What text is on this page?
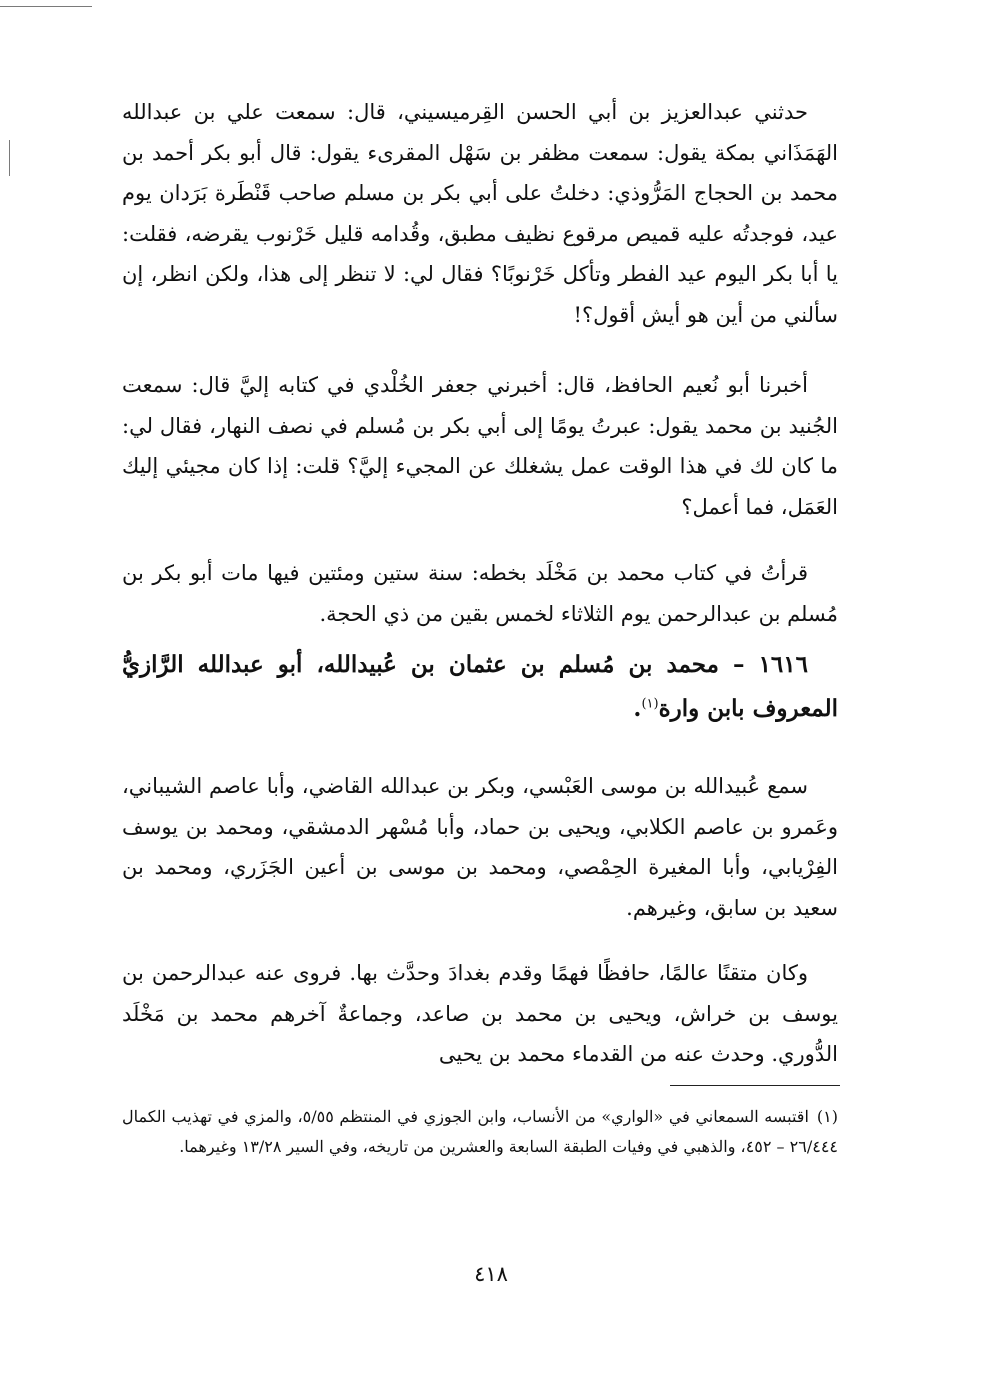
حدثني عبدالعزيز بن أبي الحسن القِرميسيني، قال: سمعت علي بن عبدالله الهَمَذَاني بمكة يقول: سمعت مظفر بن سَهْل المقرىء يقول: قال أبو بكر أحمد بن محمد بن الحجاج المَرُّوذي: دخلتُ على أبي بكر بن مسلم صاحب قَنْطَرة بَرَدان يوم عيد، فوجدتُه عليه قميص مرقوع نظيف مطبق، وقُدامه قليل خَرْنوب يقرضه، فقلت: يا أبا بكر اليوم عيد الفطر وتأكل خَرْنوبًا؟ فقال لي: لا تنظر إلى هذا، ولكن انظر، إن سألني من أين هو أيش أقول؟!

أخبرنا أبو نُعيم الحافظ، قال: أخبرني جعفر الخُلْدي في كتابه إليَّ قال: سمعت الجُنيد بن محمد يقول: عبرتُ يومًا إلى أبي بكر بن مُسلم في نصف النهار، فقال لي: ما كان لك في هذا الوقت عمل يشغلك عن المجيء إليَّ؟ قلت: إذا كان مجيئي إليك العَمَل، فما أعمل؟

قرأتُ في كتاب محمد بن مَخْلَد بخطه: سنة ستين ومئتين فيها مات أبو بكر بن مُسلم بن عبدالرحمن يوم الثلاثاء لخمس بقين من ذي الحجة.

١٦١٦ – محمد بن مُسلم بن عثمان بن عُبيدالله، أبو عبدالله الرَّازيُّ المعروف بابن وارة$^{(١)}$.

سمع عُبيدالله بن موسى العَبْسي، وبكر بن عبدالله القاضي، وأبا عاصم الشيباني، وعَمرو بن عاصم الكلابي، ويحيى بن حماد، وأبا مُسْهر الدمشقي، ومحمد بن يوسف الفِرْيابي، وأبا المغيرة الحِمْصي، ومحمد بن موسى بن أعين الجَزَري، ومحمد بن سعيد بن سابق، وغيرهم.

وكان متقنًا عالمًا، حافظًا فهمًا وقدم بغدادَ وحدَّث بها. فروى عنه عبدالرحمن بن يوسف بن خراش، ويحيى بن محمد بن صاعد، وجماعةٌ آخرهم محمد بن مَخْلَد الدُّوري. وحدث عنه من القدماء محمد بن يحيى

(١)اقتبسه السمعاني في «الواري» من الأنساب، وابن الجوزي في المنتظم ٥/٥٥، والمزي في تهذيب الكمال ٢٦/٤٤٤ – ٤٥٢، والذهبي في وفيات الطبقة السابعة والعشرين من تاريخه، وفي السير ١٣/٢٨ وغيرهما.

٤١٨
